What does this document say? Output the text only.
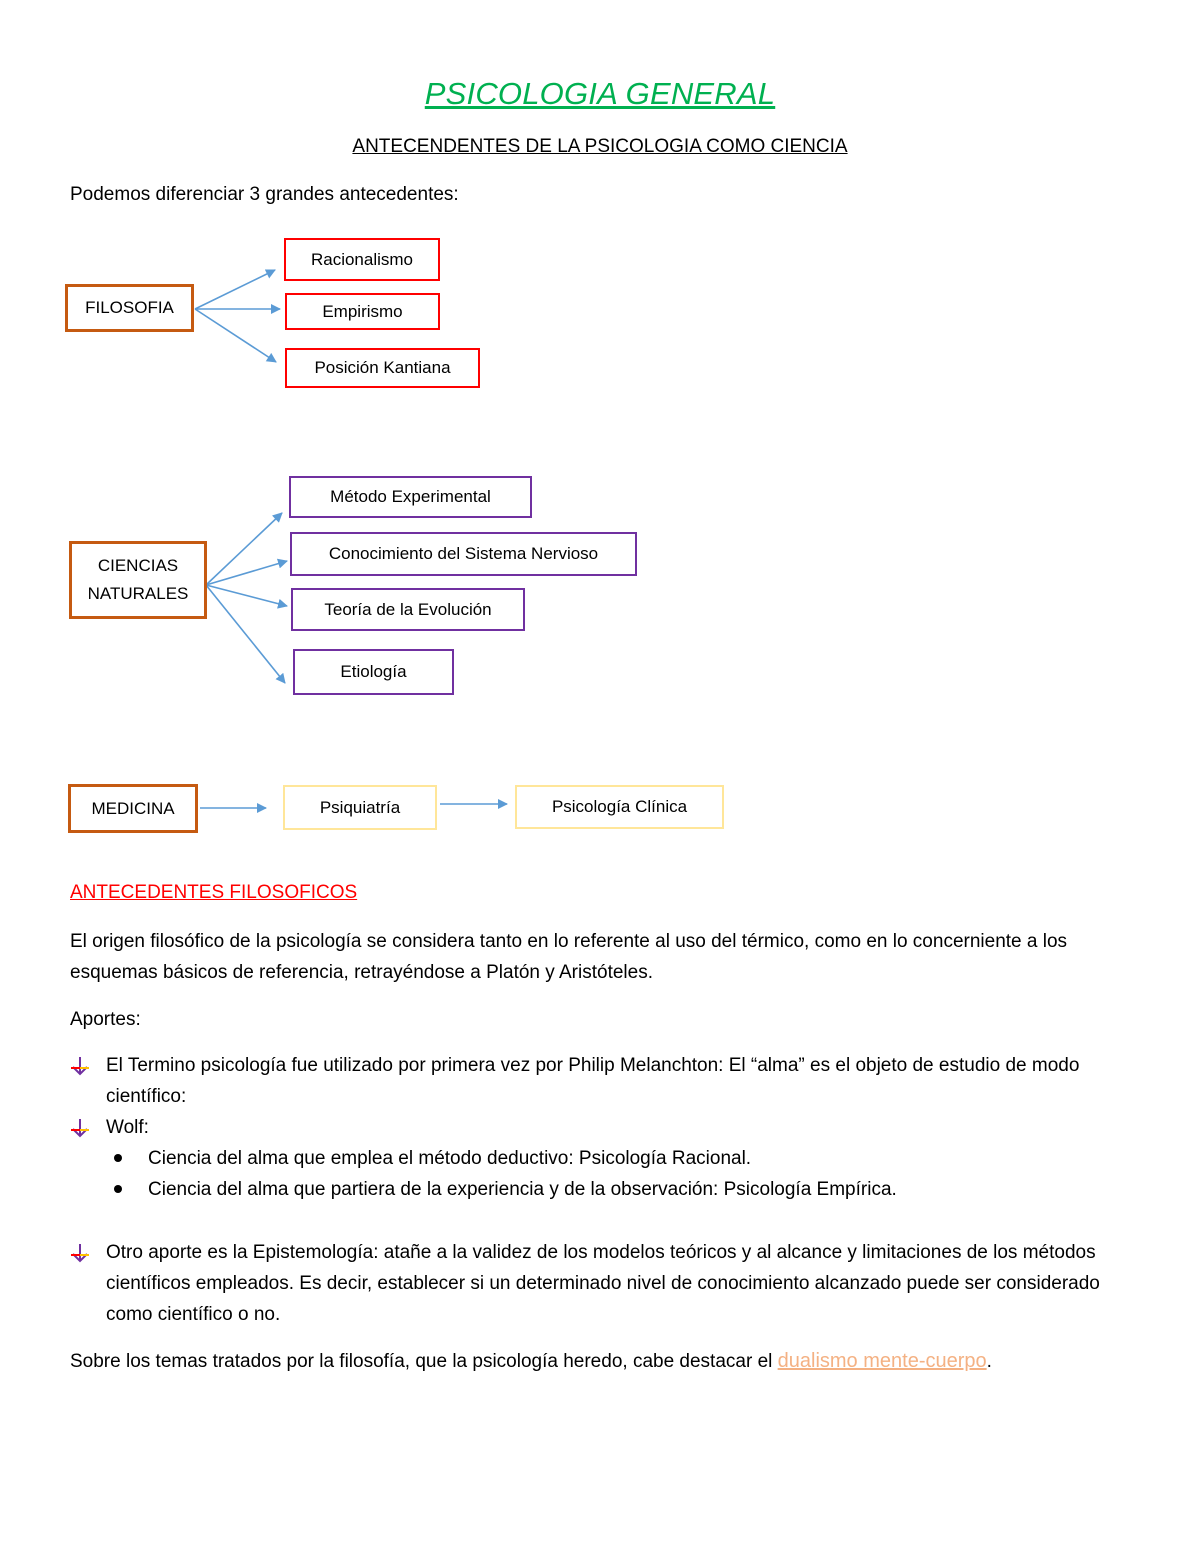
PSICOLOGIA GENERAL
ANTECENDENTES DE LA PSICOLOGIA COMO CIENCIA
Podemos diferenciar 3 grandes antecedentes:
FILOSOFIA
Racionalismo
Empirismo
Posición Kantiana
CIENCIAS
NATURALES
Método Experimental
Conocimiento del Sistema Nervioso
Teoría de la Evolución
Etiología
MEDICINA	Psiquiatría	Psicología Clínica
ANTECEDENTES FILOSOFICOS
El origen filosófico de la psicología se considera tanto en lo referente al uso del térmico, como en lo concerniente a los esquemas básicos de referencia, retrayéndose a Platón y Aristóteles.
Aportes:
El Termino psicología fue utilizado por primera vez por Philip Melanchton: El “alma” es el objeto de estudio de modo científico:
Wolf:
Ciencia del alma que emplea el método deductivo: Psicología Racional.
Ciencia del alma que partiera de la experiencia y de la observación: Psicología Empírica.
Otro aporte es la Epistemología: atañe a la validez de los modelos teóricos y al alcance y limitaciones de los métodos científicos empleados. Es decir, establecer si un determinado nivel de conocimiento alcanzado puede ser considerado como científico o no.
Sobre los temas tratados por la filosofía, que la psicología heredo, cabe destacar el dualismo mente-cuerpo.
